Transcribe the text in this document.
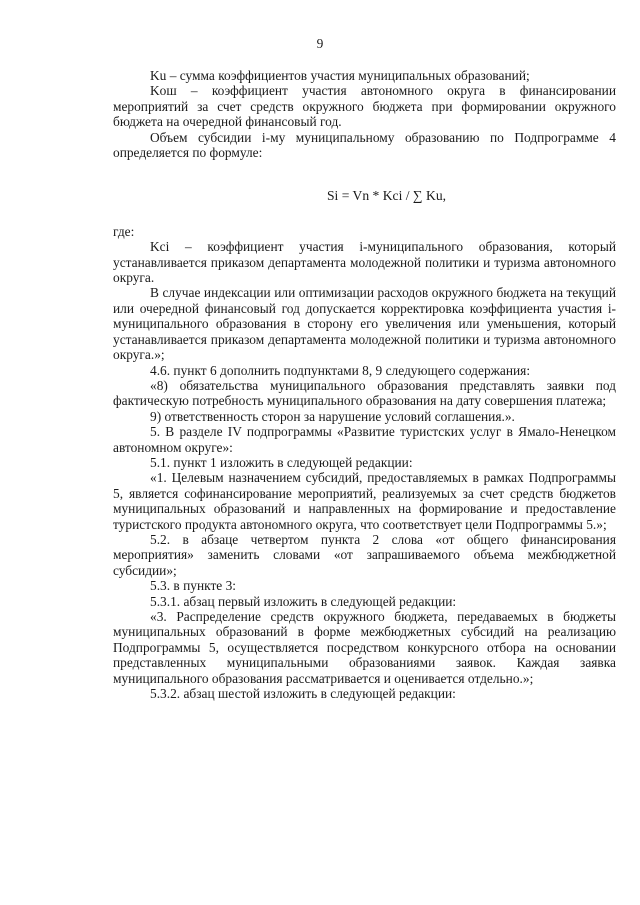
9

Ku – сумма коэффициентов участия муниципальных образований;

Kош – коэффициент участия автономного округа в финансировании мероприятий за счет средств окружного бюджета при формировании окружного бюджета на очередной финансовый год.

Объем субсидии i-му муниципальному образованию по Подпрограмме 4 определяется по формуле:

Si = Vn * Kсi / ∑ Ku,

где:

Kсi – коэффициент участия i-муниципального образования, который устанавливается приказом департамента молодежной политики и туризма автономного округа.

В случае индексации или оптимизации расходов окружного бюджета на текущий или очередной финансовый год допускается корректировка коэффициента участия i-муниципального образования в сторону его увеличения или уменьшения, который устанавливается приказом департамента молодежной политики и туризма автономного округа.»;

4.6. пункт 6 дополнить подпунктами 8, 9 следующего содержания:

«8) обязательства муниципального образования представлять заявки под фактическую потребность муниципального образования на дату совершения платежа;

9) ответственность сторон за нарушение условий соглашения.».

5. В разделе IV подпрограммы «Развитие туристских услуг в Ямало-Ненецком автономном округе»:

5.1. пункт 1 изложить в следующей редакции:

«1. Целевым назначением субсидий, предоставляемых в рамках Подпрограммы 5, является софинансирование мероприятий, реализуемых за счет средств бюджетов муниципальных образований и направленных на формирование и предоставление туристского продукта автономного округа, что соответствует цели Подпрограммы 5.»;

5.2. в абзаце четвертом пункта 2 слова «от общего финансирования мероприятия» заменить словами «от запрашиваемого объема межбюджетной субсидии»;

5.3. в пункте 3:

5.3.1. абзац первый изложить в следующей редакции:

«3. Распределение средств окружного бюджета, передаваемых в бюджеты муниципальных образований в форме межбюджетных субсидий на реализацию Подпрограммы 5, осуществляется посредством конкурсного отбора на основании представленных муниципальными образованиями заявок. Каждая заявка муниципального образования рассматривается и оценивается отдельно.»;

5.3.2. абзац шестой изложить в следующей редакции:
